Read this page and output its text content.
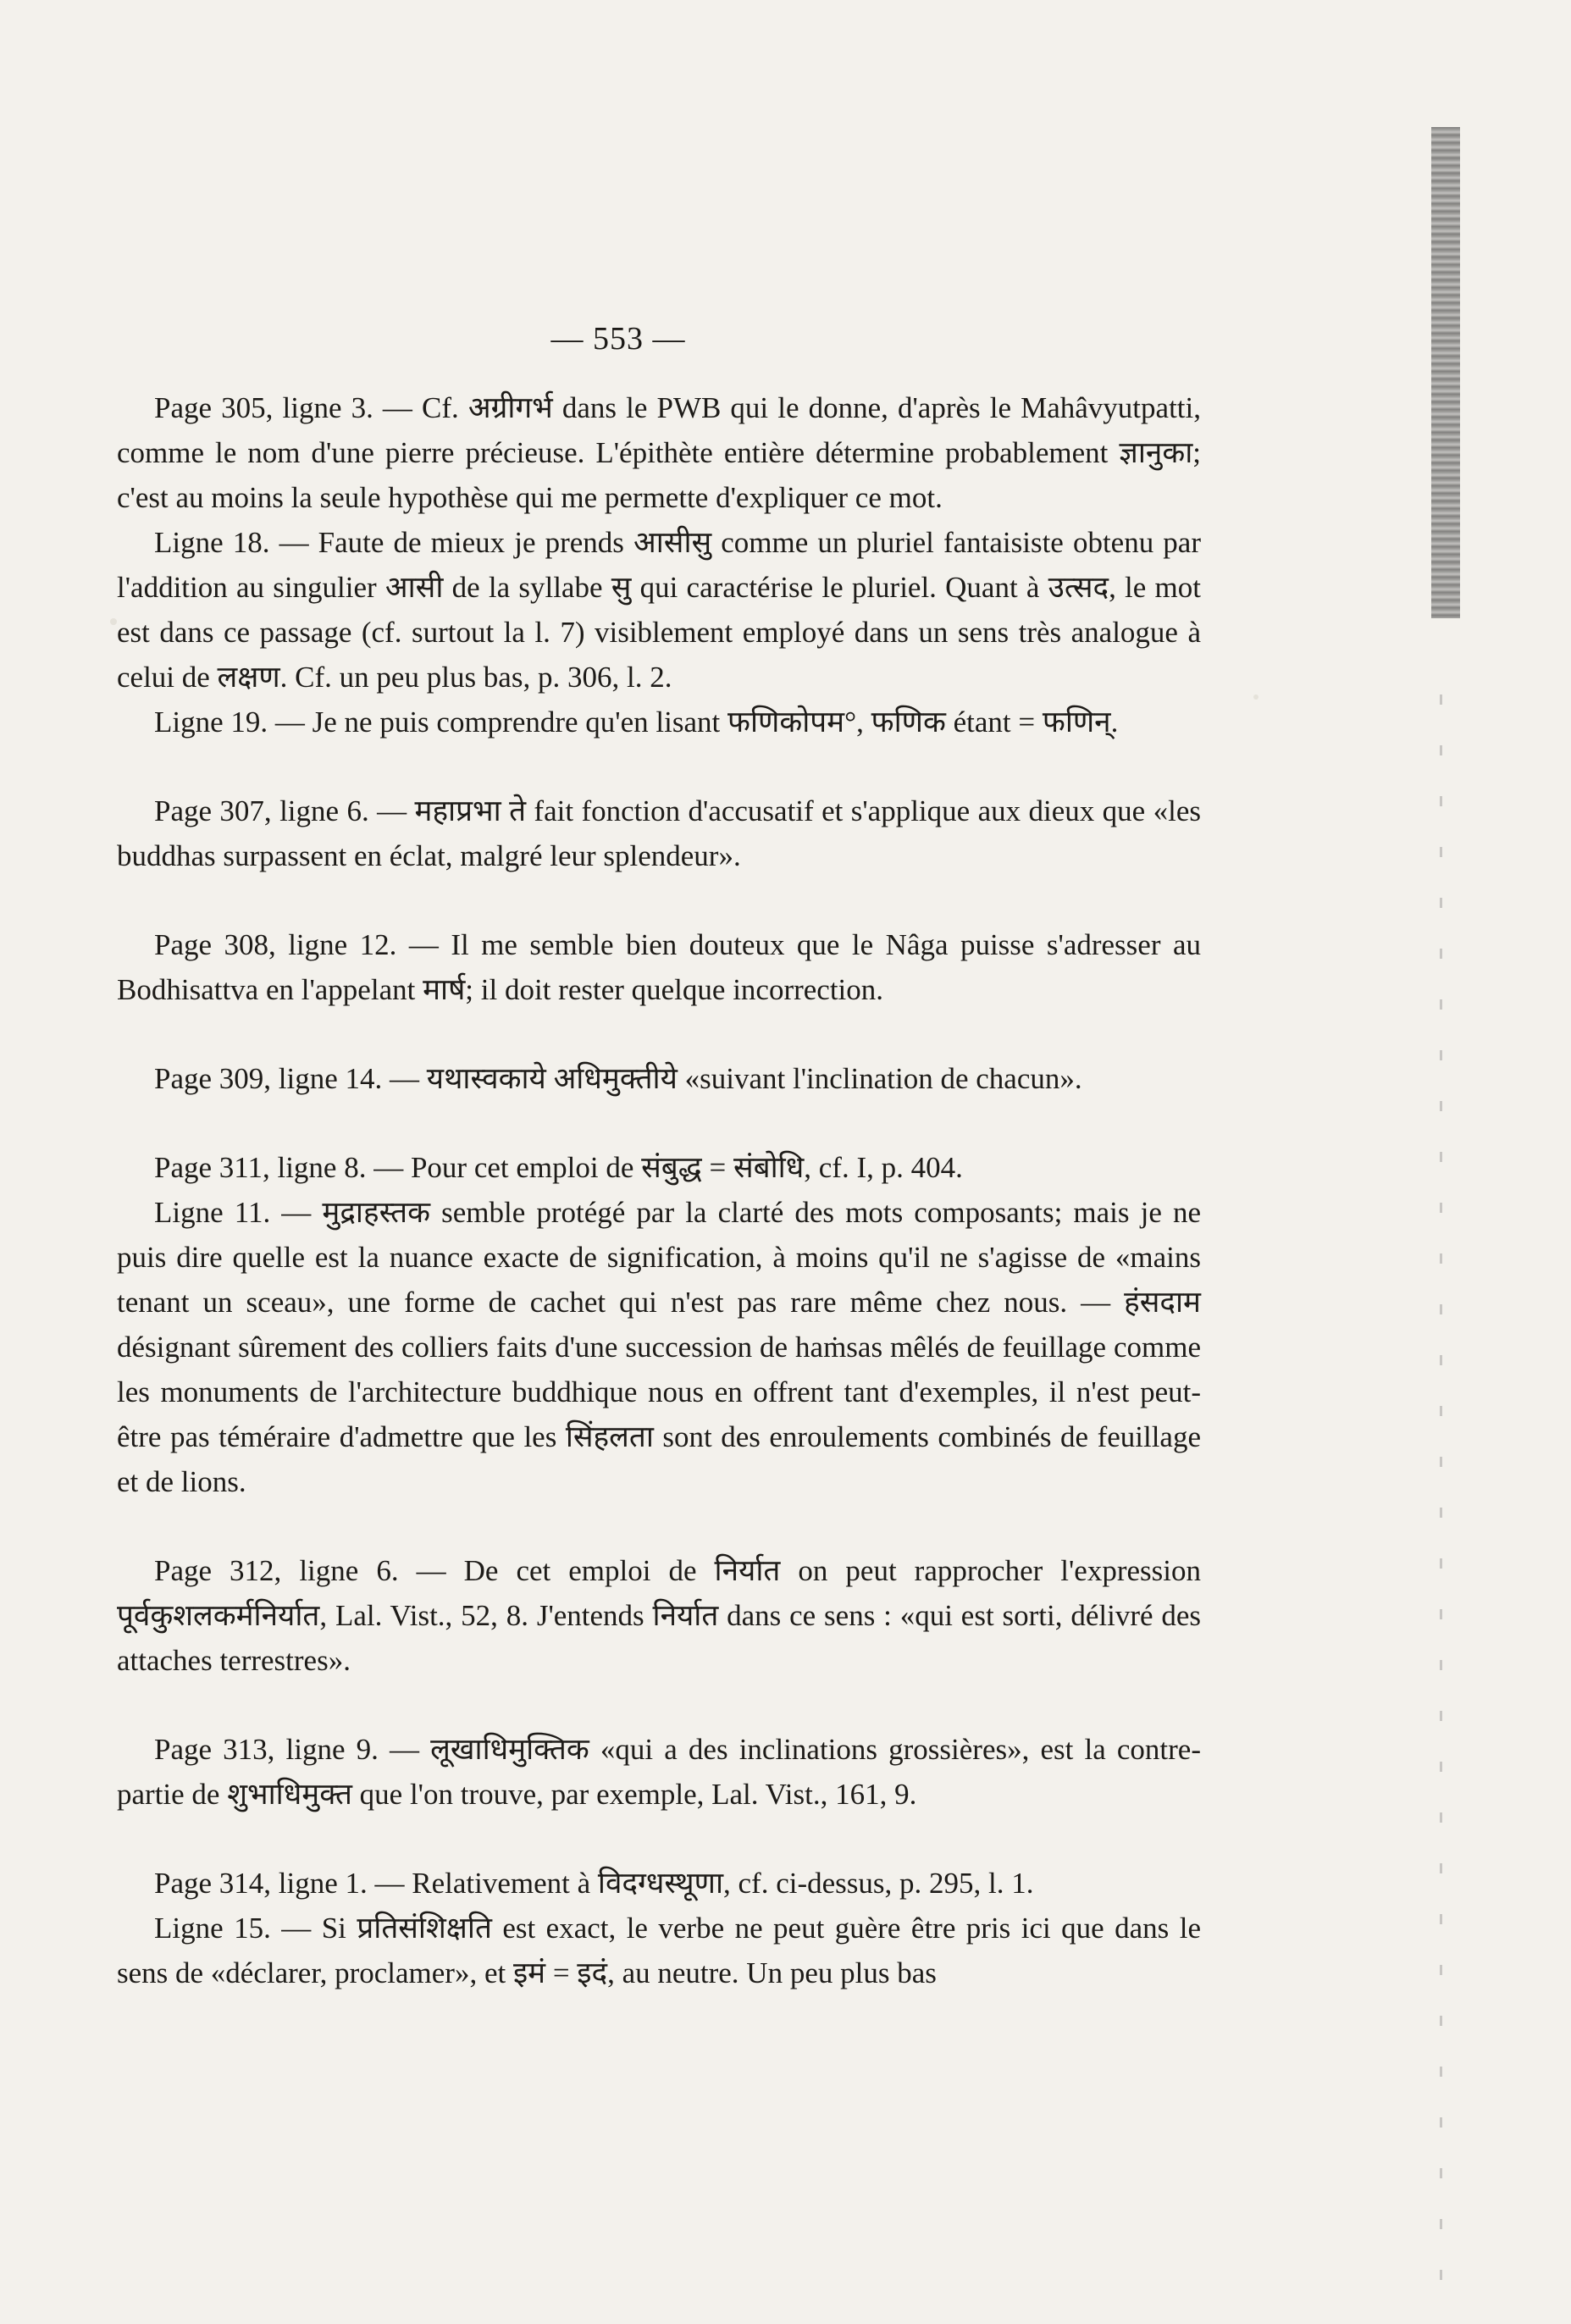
— 553 —

Page 305, ligne 3. — Cf. अग्रीगर्भ dans le PWB qui le donne, d'après le Mahâvyutpatti, comme le nom d'une pierre précieuse. L'épithète entière détermine probablement ज्ञानुका; c'est au moins la seule hypothèse qui me permette d'expliquer ce mot.

Ligne 18. — Faute de mieux je prends आसीसु comme un pluriel fantaisiste obtenu par l'addition au singulier आसी de la syllabe सु qui caractérise le pluriel. Quant à उत्सद, le mot est dans ce passage (cf. surtout la l. 7) visiblement employé dans un sens très analogue à celui de लक्षण. Cf. un peu plus bas, p. 306, l. 2.

Ligne 19. — Je ne puis comprendre qu'en lisant फणिकोपम°, फणिक étant = फणिन्.

Page 307, ligne 6. — महाप्रभा ते fait fonction d'accusatif et s'applique aux dieux que «les buddhas surpassent en éclat, malgré leur splendeur».

Page 308, ligne 12. — Il me semble bien douteux que le Nâga puisse s'adresser au Bodhisattva en l'appelant मार्ष; il doit rester quelque incorrection.

Page 309, ligne 14. — यथास्वकाये अधिमुक्तीये «suivant l'inclination de chacun».

Page 311, ligne 8. — Pour cet emploi de संबुद्ध = संबोधि, cf. I, p. 404.

Ligne 11. — मुद्राहस्तक semble protégé par la clarté des mots composants; mais je ne puis dire quelle est la nuance exacte de signification, à moins qu'il ne s'agisse de «mains tenant un sceau», une forme de cachet qui n'est pas rare même chez nous. — हंसदाम désignant sûrement des colliers faits d'une succession de haṁsas mêlés de feuillage comme les monuments de l'architecture buddhique nous en offrent tant d'exemples, il n'est peut-être pas téméraire d'admettre que les सिंहलता sont des enroulements combinés de feuillage et de lions.

Page 312, ligne 6. — De cet emploi de निर्यात on peut rapprocher l'expression पूर्वकुशलकर्मनिर्यात, Lal. Vist., 52, 8. J'entends निर्यात dans ce sens : «qui est sorti, délivré des attaches terrestres».

Page 313, ligne 9. — लूखाधिमुक्तिक «qui a des inclinations grossières», est la contre-partie de शुभाधिमुक्त que l'on trouve, par exemple, Lal. Vist., 161, 9.

Page 314, ligne 1. — Relativement à विदग्धस्थूणा, cf. ci-dessus, p. 295, l. 1.

Ligne 15. — Si प्रतिसंशिक्षति est exact, le verbe ne peut guère être pris ici que dans le sens de «déclarer, proclamer», et इमं = इदं, au neutre. Un peu plus bas
